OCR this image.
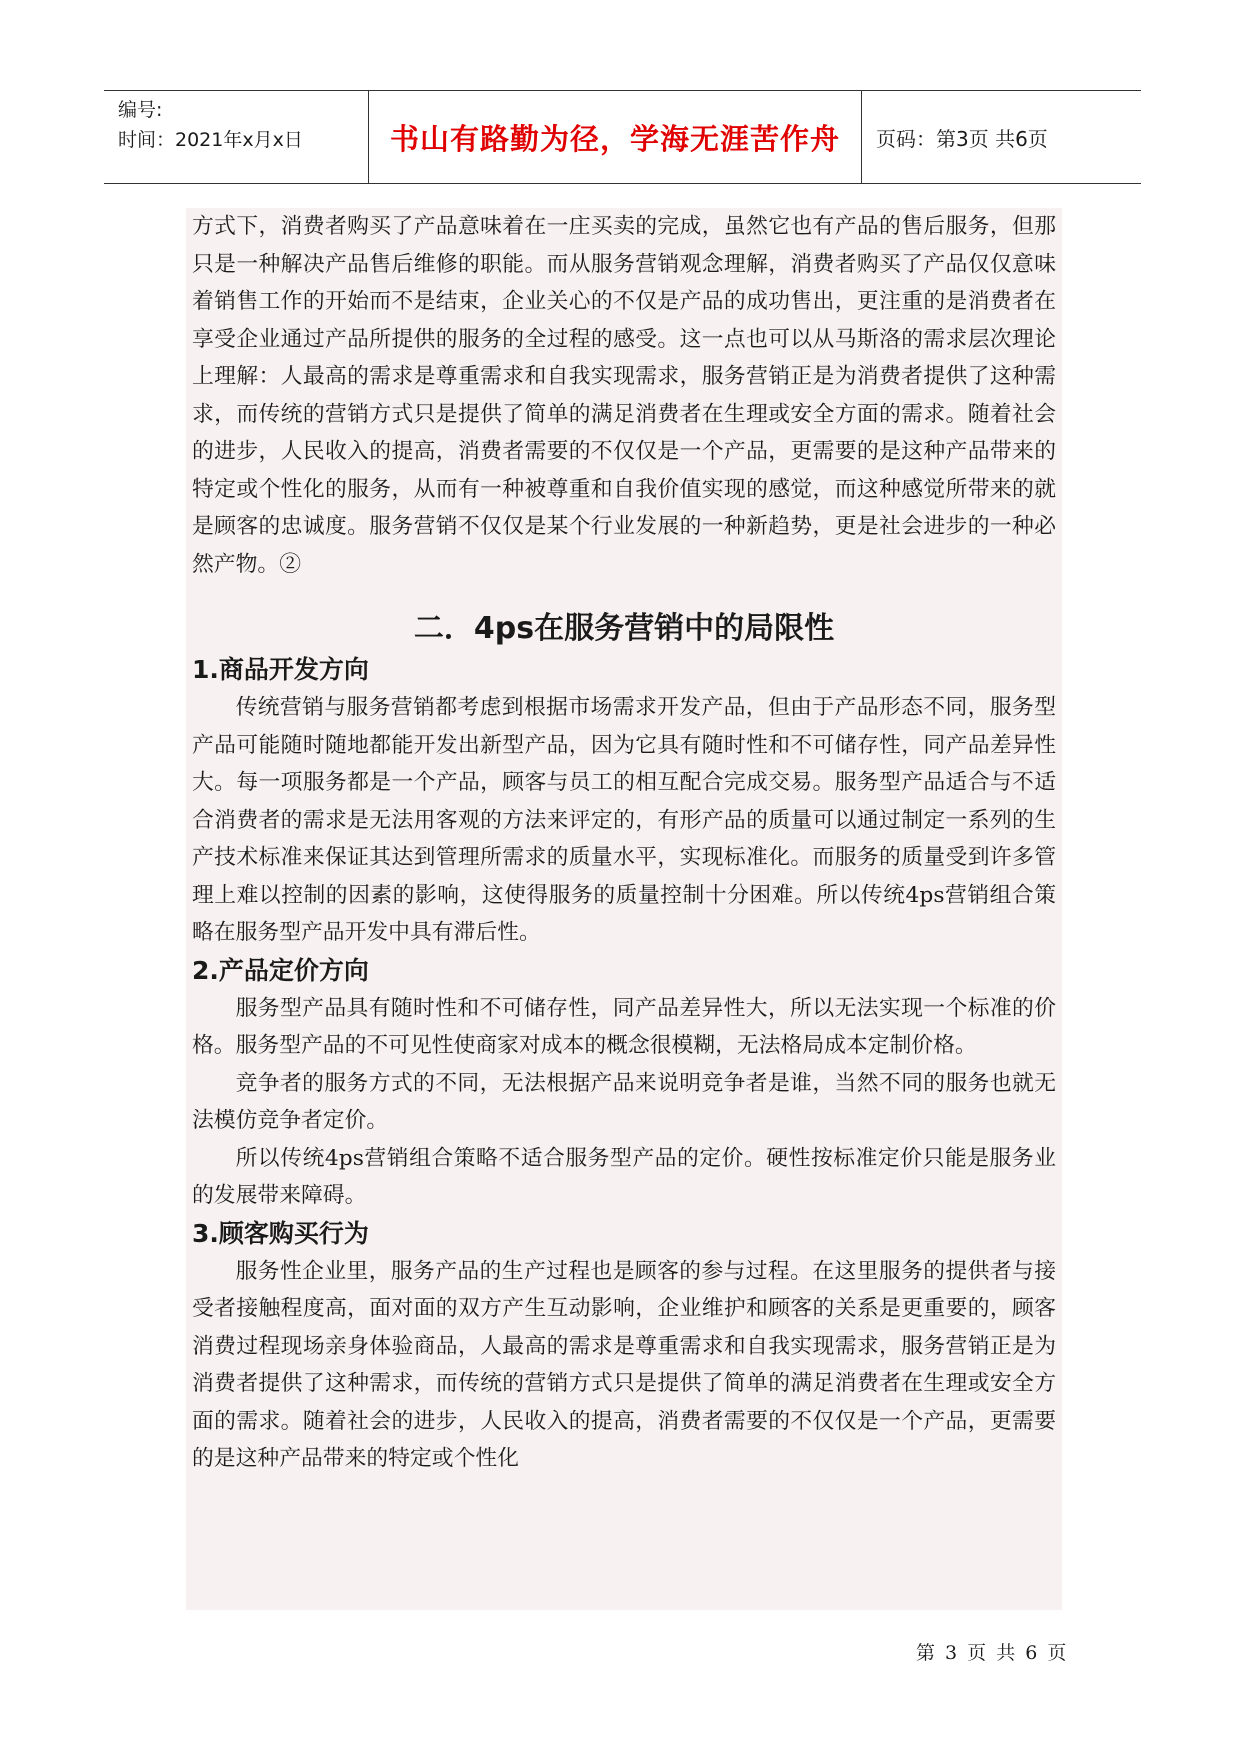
编号:
时间：2021年x月x日	书山有路勤为径，学海无涯苦作舟	页码：第3页 共6页

方式下，消费者购买了产品意味着在一庄买卖的完成，虽然它也有产品的售后服务，但那只是一种解决产品售后维修的职能。而从服务营销观念理解，消费者购买了产品仅仅意味着销售工作的开始而不是结束，企业关心的不仅是产品的成功售出，更注重的是消费者在享受企业通过产品所提供的服务的全过程的感受。这一点也可以从马斯洛的需求层次理论上理解：人最高的需求是尊重需求和自我实现需求，服务营销正是为消费者提供了这种需求，而传统的营销方式只是提供了简单的满足消费者在生理或安全方面的需求。随着社会的进步，人民收入的提高，消费者需要的不仅仅是一个产品，更需要的是这种产品带来的特定或个性化的服务，从而有一种被尊重和自我价值实现的感觉，而这种感觉所带来的就是顾客的忠诚度。服务营销不仅仅是某个行业发展的一种新趋势，更是社会进步的一种必然产物。②

二．4ps在服务营销中的局限性
1.商品开发方向

传统营销与服务营销都考虑到根据市场需求开发产品，但由于产品形态不同，服务型产品可能随时随地都能开发出新型产品，因为它具有随时性和不可储存性，同产品差异性大。每一项服务都是一个产品，顾客与员工的相互配合完成交易。服务型产品适合与不适合消费者的需求是无法用客观的方法来评定的，有形产品的质量可以通过制定一系列的生产技术标准来保证其达到管理所需求的质量水平，实现标准化。而服务的质量受到许多管理上难以控制的因素的影响，这使得服务的质量控制十分困难。所以传统4ps营销组合策略在服务型产品开发中具有滞后性。

2.产品定价方向

服务型产品具有随时性和不可储存性，同产品差异性大，所以无法实现一个标准的价格。服务型产品的不可见性使商家对成本的概念很模糊，无法格局成本定制价格。

竞争者的服务方式的不同，无法根据产品来说明竞争者是谁，当然不同的服务也就无法模仿竞争者定价。

所以传统4ps营销组合策略不适合服务型产品的定价。硬性按标准定价只能是服务业的发展带来障碍。

3.顾客购买行为

服务性企业里，服务产品的生产过程也是顾客的参与过程。在这里服务的提供者与接受者接触程度高，面对面的双方产生互动影响，企业维护和顾客的关系是更重要的，顾客消费过程现场亲身体验商品，人最高的需求是尊重需求和自我实现需求，服务营销正是为消费者提供了这种需求，而传统的营销方式只是提供了简单的满足消费者在生理或安全方面的需求。随着社会的进步，人民收入的提高，消费者需要的不仅仅是一个产品，更需要的是这种产品带来的特定或个性化

第 3 页 共 6 页
